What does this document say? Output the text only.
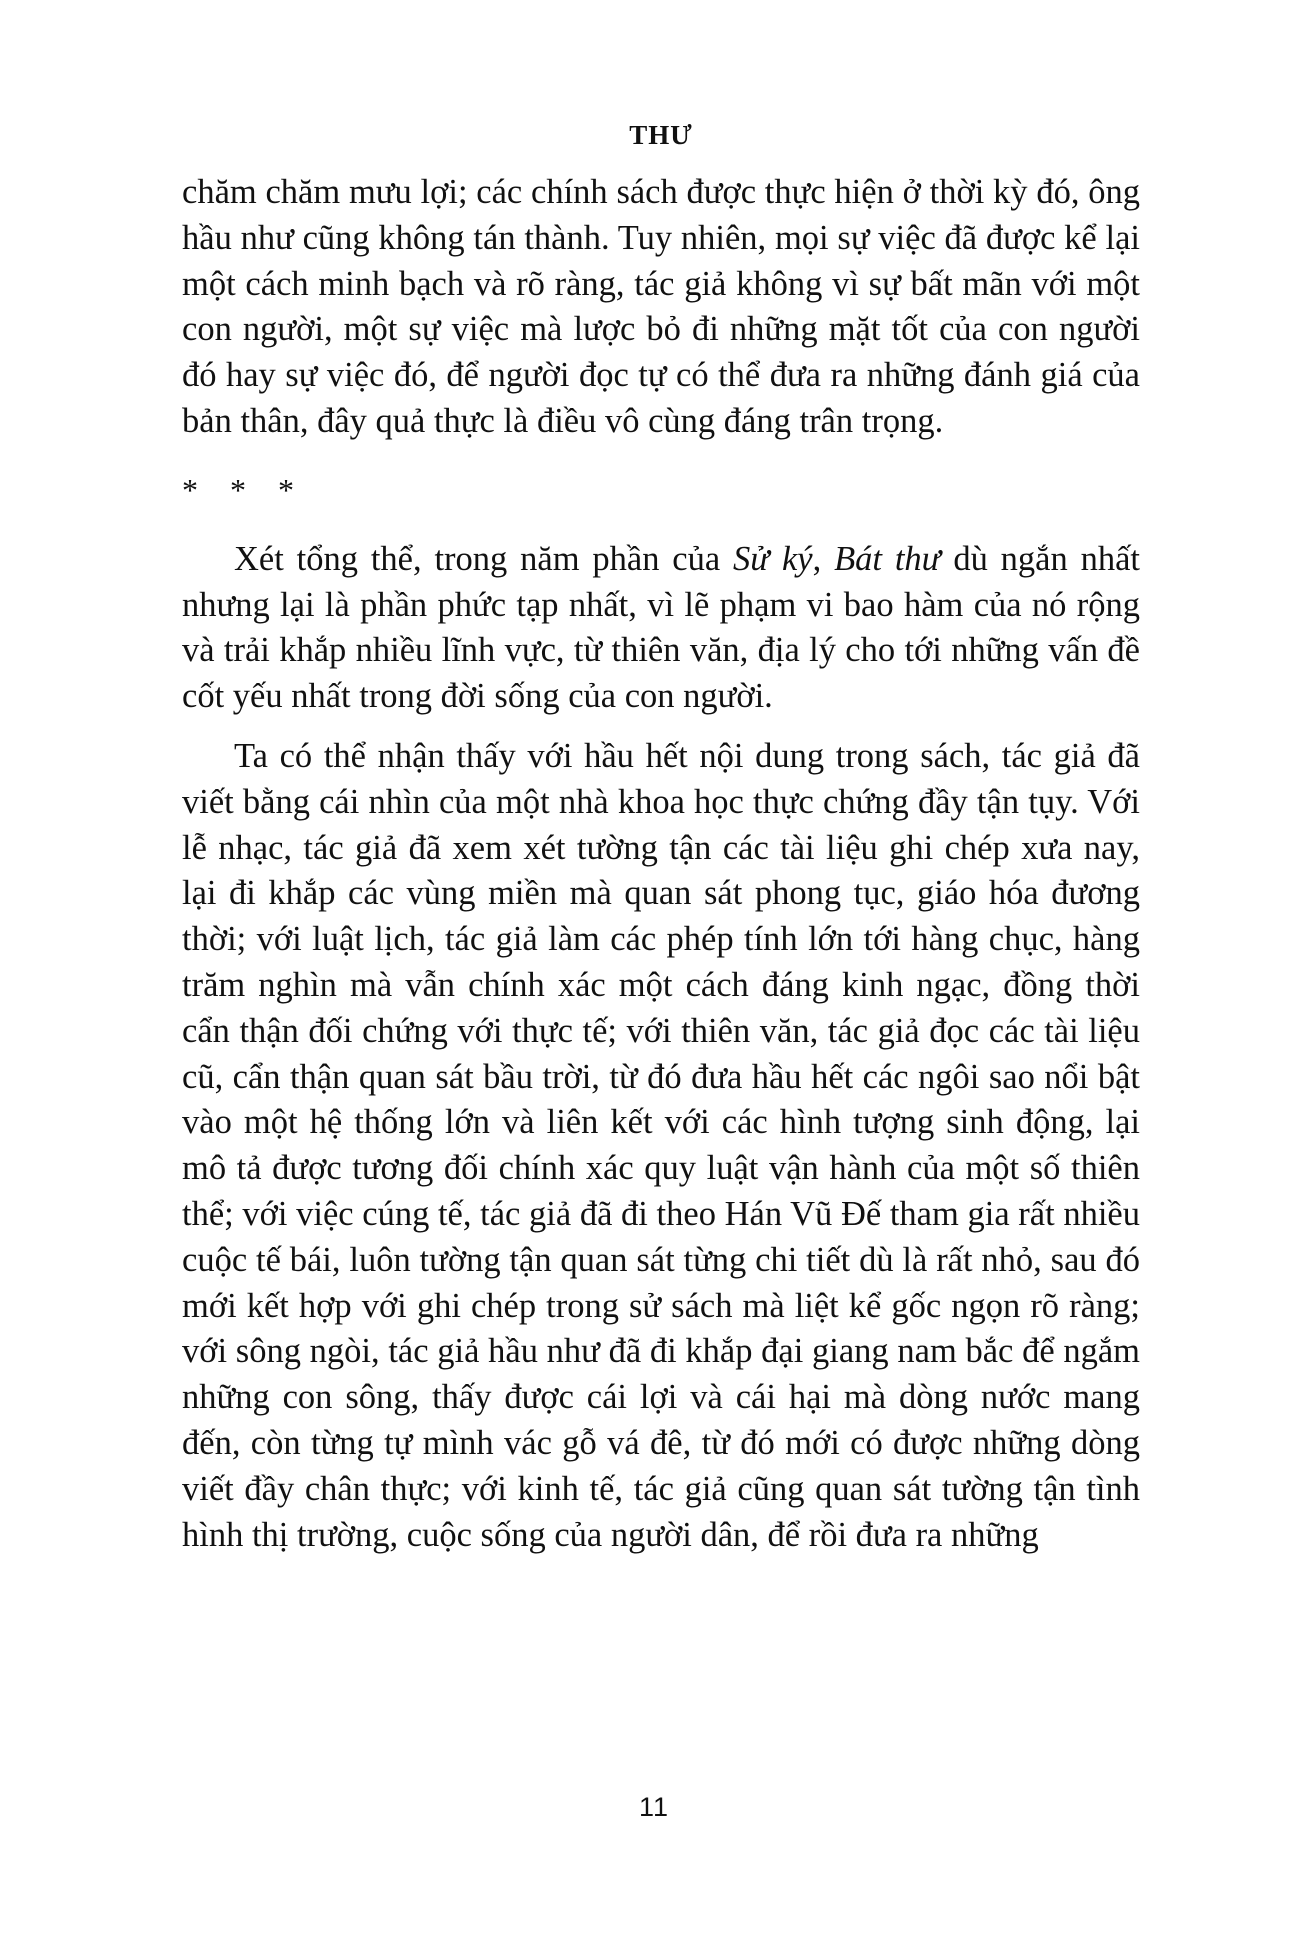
THƯ

chăm chăm mưu lợi; các chính sách được thực hiện ở thời kỳ đó, ông hầu như cũng không tán thành. Tuy nhiên, mọi sự việc đã được kể lại một cách minh bạch và rõ ràng, tác giả không vì sự bất mãn với một con người, một sự việc mà lược bỏ đi những mặt tốt của con người đó hay sự việc đó, để người đọc tự có thể đưa ra những đánh giá của bản thân, đây quả thực là điều vô cùng đáng trân trọng.

* * *

Xét tổng thể, trong năm phần của Sử ký, Bát thư dù ngắn nhất nhưng lại là phần phức tạp nhất, vì lẽ phạm vi bao hàm của nó rộng và trải khắp nhiều lĩnh vực, từ thiên văn, địa lý cho tới những vấn đề cốt yếu nhất trong đời sống của con người.

Ta có thể nhận thấy với hầu hết nội dung trong sách, tác giả đã viết bằng cái nhìn của một nhà khoa học thực chứng đầy tận tụy. Với lễ nhạc, tác giả đã xem xét tường tận các tài liệu ghi chép xưa nay, lại đi khắp các vùng miền mà quan sát phong tục, giáo hóa đương thời; với luật lịch, tác giả làm các phép tính lớn tới hàng chục, hàng trăm nghìn mà vẫn chính xác một cách đáng kinh ngạc, đồng thời cẩn thận đối chứng với thực tế; với thiên văn, tác giả đọc các tài liệu cũ, cẩn thận quan sát bầu trời, từ đó đưa hầu hết các ngôi sao nổi bật vào một hệ thống lớn và liên kết với các hình tượng sinh động, lại mô tả được tương đối chính xác quy luật vận hành của một số thiên thể; với việc cúng tế, tác giả đã đi theo Hán Vũ Đế tham gia rất nhiều cuộc tế bái, luôn tường tận quan sát từng chi tiết dù là rất nhỏ, sau đó mới kết hợp với ghi chép trong sử sách mà liệt kể gốc ngọn rõ ràng; với sông ngòi, tác giả hầu như đã đi khắp đại giang nam bắc để ngắm những con sông, thấy được cái lợi và cái hại mà dòng nước mang đến, còn từng tự mình vác gỗ vá đê, từ đó mới có được những dòng viết đầy chân thực; với kinh tế, tác giả cũng quan sát tường tận tình hình thị trường, cuộc sống của người dân, để rồi đưa ra những

11
